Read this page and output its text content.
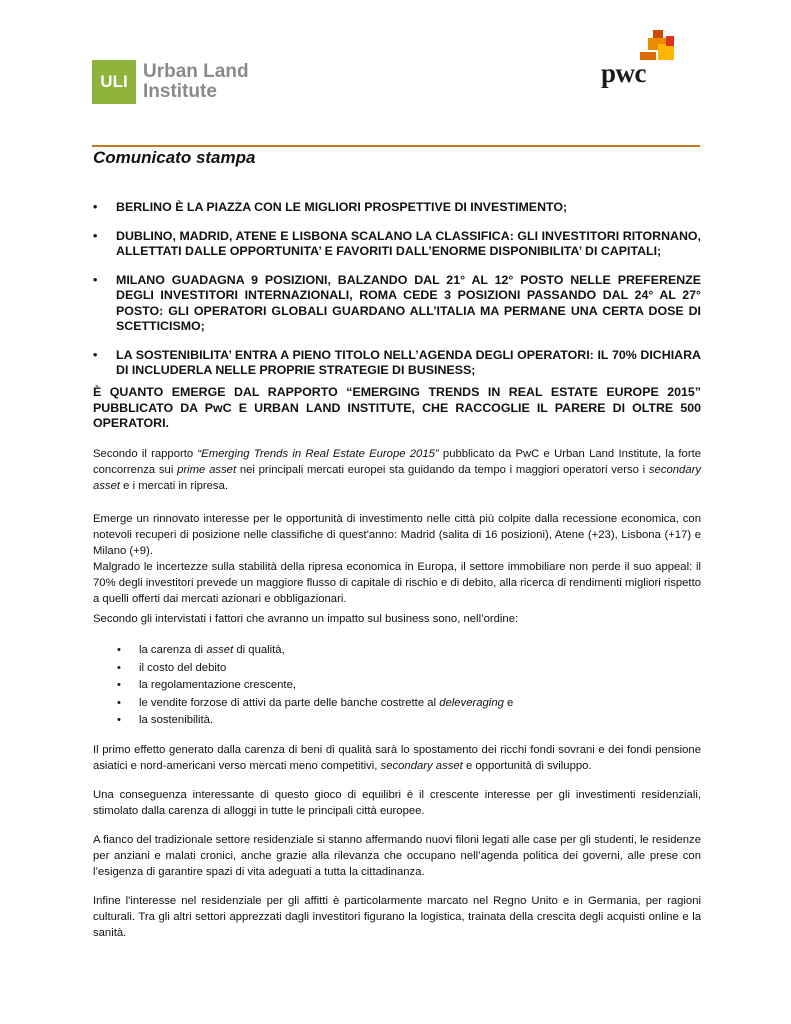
ULI Urban Land
Institute
pwc
Comunicato stampa
• BERLINO È LA PIAZZA CON LE MIGLIORI PROSPETTIVE DI INVESTIMENTO;
• DUBLINO, MADRID, ATENE E LISBONA SCALANO LA CLASSIFICA: GLI INVESTITORI RITORNANO, ALLETTATI DALLE OPPORTUNITA’ E FAVORITI DALL’ENORME DISPONIBILITA’ DI CAPITALI;
• MILANO GUADAGNA 9 POSIZIONI, BALZANDO DAL 21° AL 12° POSTO NELLE PREFERENZE DEGLI INVESTITORI INTERNAZIONALI, ROMA CEDE 3 POSIZIONI PASSANDO DAL 24° AL 27° POSTO: GLI OPERATORI GLOBALI GUARDANO ALL’ITALIA MA PERMANE UNA CERTA DOSE DI SCETTICISMO;
• LA SOSTENIBILITA’ ENTRA A PIENO TITOLO NELL’AGENDA DEGLI OPERATORI: IL 70% DICHIARA DI INCLUDERLA NELLE PROPRIE STRATEGIE DI BUSINESS;

È QUANTO EMERGE DAL RAPPORTO “EMERGING TRENDS IN REAL ESTATE EUROPE 2015” PUBBLICATO DA PwC E URBAN LAND INSTITUTE, CHE RACCOGLIE IL PARERE DI OLTRE 500 OPERATORI.

Secondo il rapporto “Emerging Trends in Real Estate Europe 2015” pubblicato da PwC e Urban Land Institute, la forte concorrenza sui prime asset nei principali mercati europei sta guidando da tempo i maggiori operatori verso i secondary asset e i mercati in ripresa.

Emerge un rinnovato interesse per le opportunità di investimento nelle città più colpite dalla recessione economica, con notevoli recuperi di posizione nelle classifiche di quest'anno: Madrid (salita di 16 posizioni), Atene (+23), Lisbona (+17) e Milano (+9).

Malgrado le incertezze sulla stabilità della ripresa economica in Europa, il settore immobiliare non perde il suo appeal: il 70% degli investitori prevede un maggiore flusso di capitale di rischio e di debito, alla ricerca di rendimenti migliori rispetto a quelli offerti dai mercati azionari e obbligazionari.

Secondo gli intervistati i fattori che avranno un impatto sul business sono, nell’ordine:

• la carenza di asset di qualità,
• il costo del debito
• la regolamentazione crescente,
• le vendite forzose di attivi da parte delle banche costrette al deleveraging e
• la sostenibilità.

Il primo effetto generato dalla carenza di beni di qualità sarà lo spostamento dei ricchi fondi sovrani e dei fondi pensione asiatici e nord-americani verso mercati meno competitivi, secondary asset e opportunità di sviluppo.

Una conseguenza interessante di questo gioco di equilibri è il crescente interesse per gli investimenti residenziali, stimolato dalla carenza di alloggi in tutte le principali città europee.

A fianco del tradizionale settore residenziale si stanno affermando nuovi filoni legati alle case per gli studenti, le residenze per anziani e malati cronici, anche grazie alla rilevanza che occupano nell’agenda politica dei governi, alle prese con l’esigenza di garantire spazi di vita adeguati a tutta la cittadinanza.

Infine l'interesse nel residenziale per gli affitti è particolarmente marcato nel Regno Unito e in Germania, per ragioni culturali. Tra gli altri settori apprezzati dagli investitori figurano la logistica, trainata della crescita degli acquisti online e la sanità.
